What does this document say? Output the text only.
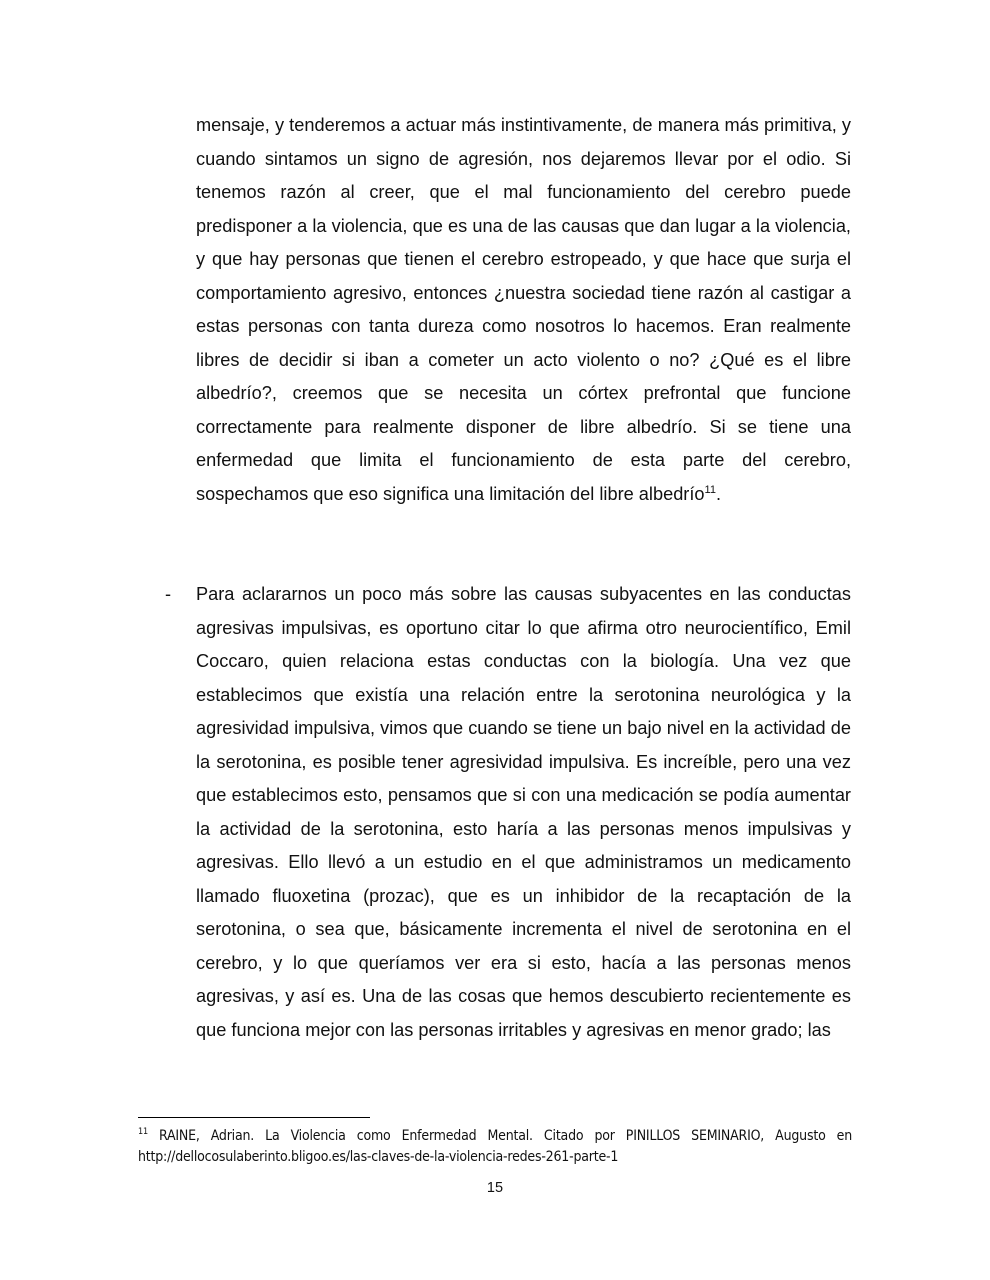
mensaje, y tenderemos a actuar más instintivamente, de manera más primitiva, y cuando sintamos un signo de agresión, nos dejaremos llevar por el odio. Si tenemos razón al creer, que el mal funcionamiento del cerebro puede predisponer a la violencia, que es una de las causas que dan lugar a la violencia, y que hay personas que tienen el cerebro estropeado, y que hace que surja el comportamiento agresivo, entonces ¿nuestra sociedad tiene razón al castigar a estas personas con tanta dureza como nosotros lo hacemos. Eran realmente libres de decidir si iban a cometer un acto violento o no? ¿Qué es el libre albedrío?, creemos que se necesita un córtex prefrontal que funcione correctamente para realmente disponer de libre albedrío. Si se tiene una enfermedad que limita el funcionamiento de esta parte del cerebro, sospechamos que eso significa una limitación del libre albedrío$^{11}$.

- Para aclararnos un poco más sobre las causas subyacentes en las conductas agresivas impulsivas, es oportuno citar lo que afirma otro neurocientífico, Emil Coccaro, quien relaciona estas conductas con la biología. Una vez que establecimos que existía una relación entre la serotonina neurológica y la agresividad impulsiva, vimos que cuando se tiene un bajo nivel en la actividad de la serotonina, es posible tener agresividad impulsiva. Es increíble, pero una vez que establecimos esto, pensamos que si con una medicación se podía aumentar la actividad de la serotonina, esto haría a las personas menos impulsivas y agresivas. Ello llevó a un estudio en el que administramos un medicamento llamado fluoxetina (prozac), que es un inhibidor de la recaptación de la serotonina, o sea que, básicamente incrementa el nivel de serotonina en el cerebro, y lo que queríamos ver era si esto, hacía a las personas menos agresivas, y así es. Una de las cosas que hemos descubierto recientemente es que funciona mejor con las personas irritables y agresivas en menor grado; las

$^{11}$ RAINE, Adrian. La Violencia como Enfermedad Mental. Citado por PINILLOS SEMINARIO, Augusto en http://dellocosulaberinto.bligoo.es/las-claves-de-la-violencia-redes-261-parte-1

15
